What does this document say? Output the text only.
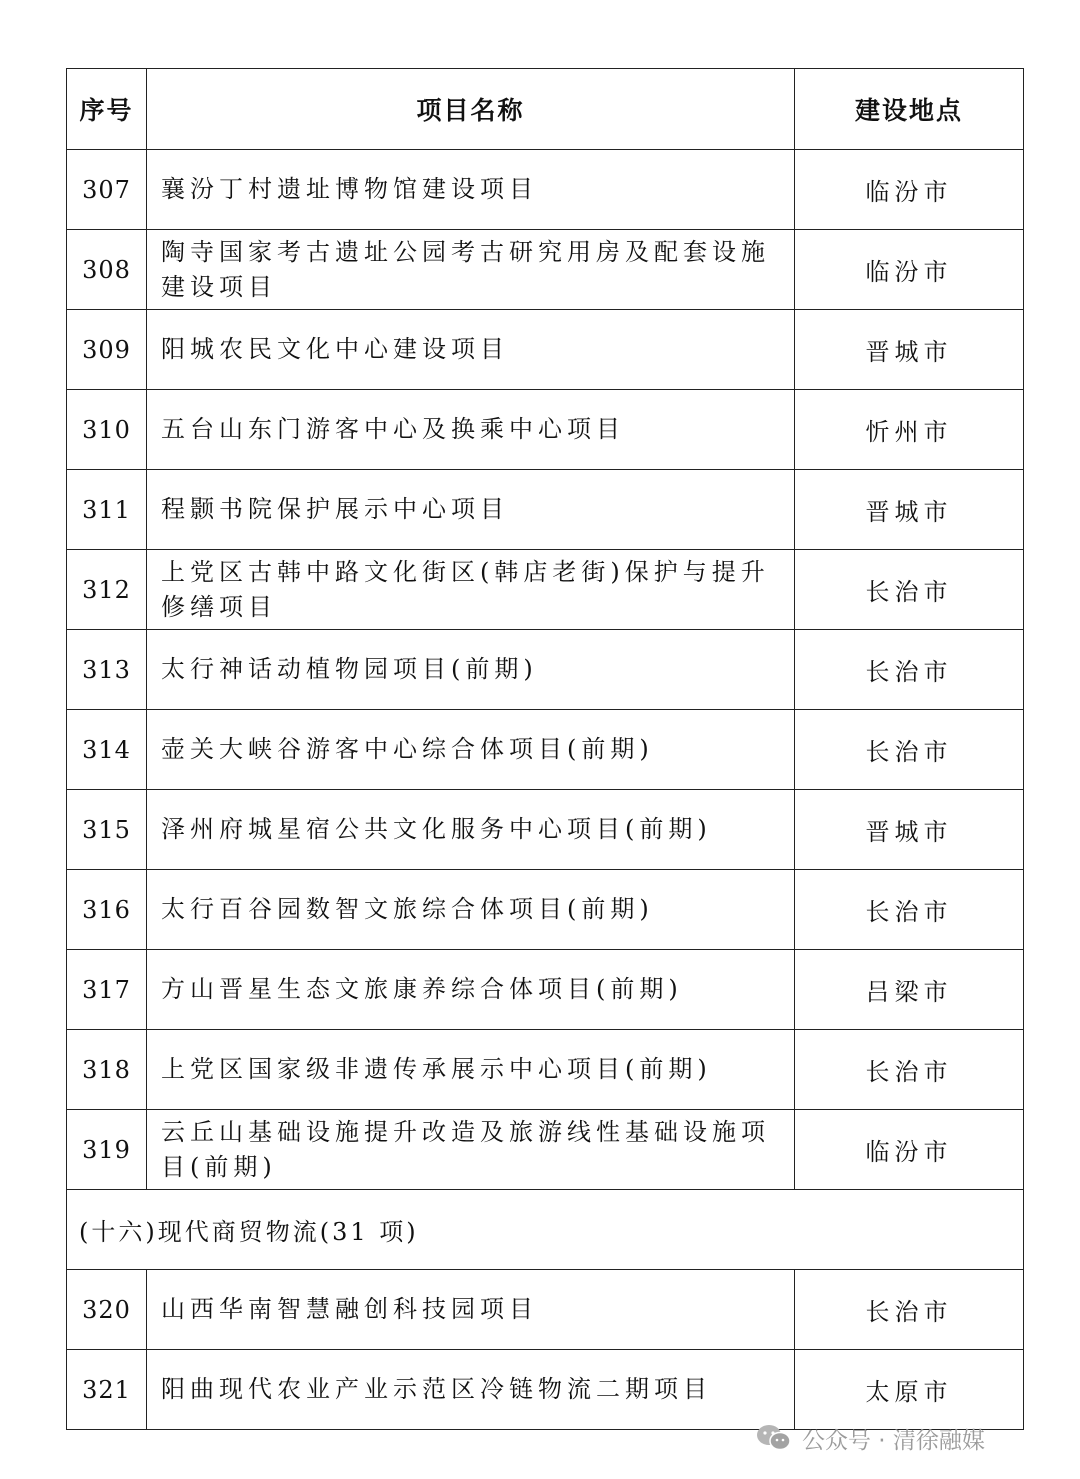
序号	项目名称	建设地点
307	襄汾丁村遗址博物馆建设项目	临汾市
308	陶寺国家考古遗址公园考古研究用房及配套设施建设项目	临汾市
309	阳城农民文化中心建设项目	晋城市
310	五台山东门游客中心及换乘中心项目	忻州市
311	程颢书院保护展示中心项目	晋城市
312	上党区古韩中路文化街区(韩店老街)保护与提升修缮项目	长治市
313	太行神话动植物园项目(前期)	长治市
314	壶关大峡谷游客中心综合体项目(前期)	长治市
315	泽州府城星宿公共文化服务中心项目(前期)	晋城市
316	太行百谷园数智文旅综合体项目(前期)	长治市
317	方山晋星生态文旅康养综合体项目(前期)	吕梁市
318	上党区国家级非遗传承展示中心项目(前期)	长治市
319	云丘山基础设施提升改造及旅游线性基础设施项目(前期)	临汾市
(十六)现代商贸物流(31 项)		
320	山西华南智慧融创科技园项目	长治市
321	阳曲现代农业产业示范区冷链物流二期项目	太原市
公众号 · 清徐融媒
